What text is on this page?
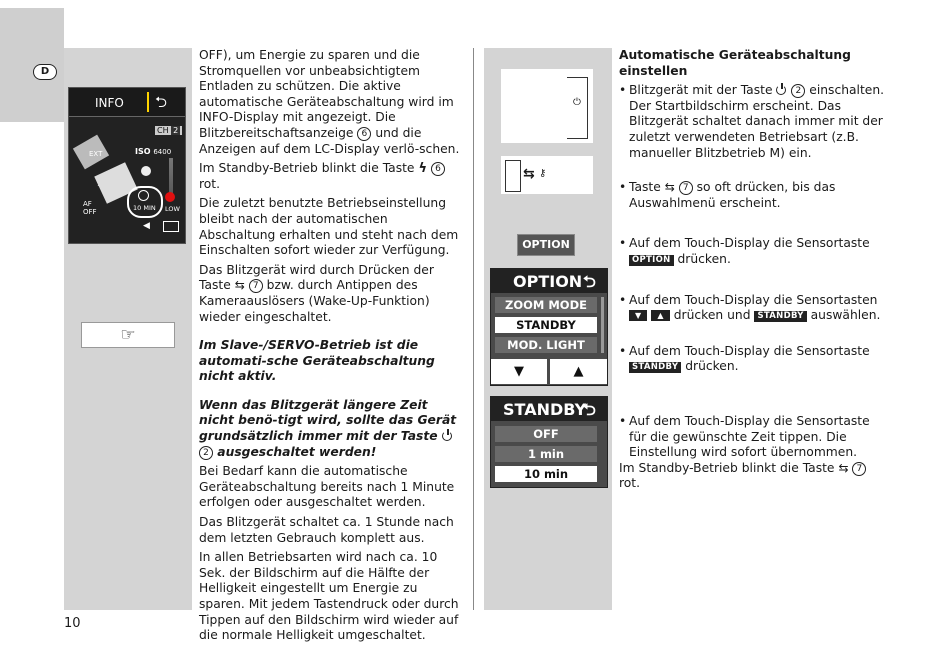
D
INFO ⮌
CH 2
ISO 6400
EXT
AF
OFF	10 MIN LOW
◀
☞

OFF), um Energie zu sparen und die Stromquellen vor unbeabsichtigtem Entladen zu schützen. Die aktive automatische Geräteabschaltung wird im INFO-Display mit angezeigt. Die Blitzbereitschaftsanzeige 6 und die Anzeigen auf dem LC-Display verlö-schen.

Im Standby-Betrieb blinkt die Taste ϟ 6 rot.

Die zuletzt benutzte Betriebseinstellung bleibt nach der automatischen Abschaltung erhalten und steht nach dem Einschalten sofort wieder zur Verfügung.

Das Blitzgerät wird durch Drücken der Taste ⇆ 7 bzw. durch Antippen des Kameraauslösers (Wake-Up-Funktion) wieder eingeschaltet.

Im Slave-/SERVO-Betrieb ist die automati-sche Geräteabschaltung nicht aktiv.

Wenn das Blitzgerät längere Zeit nicht benö-tigt wird, sollte das Gerät grundsätzlich immer mit der Taste  2 ausgeschaltet werden!

Bei Bedarf kann die automatische Geräteabschaltung bereits nach 1 Minute erfolgen oder ausgeschaltet werden.

Das Blitzgerät schaltet ca. 1 Stunde nach dem letzten Gebrauch komplett aus.

In allen Betriebsarten wird nach ca. 10 Sek. der Bildschirm auf die Hälfte der Helligkeit eingestellt um Energie zu sparen. Mit jedem Tastendruck oder durch Tippen auf den Bildschirm wird wieder auf die normale Helligkeit umgeschaltet.

⏻
⇆ ⚷
OPTION
OPTION ⮌
ZOOM MODE
STANDBY
MOD. LIGHT
▼	▲
STANDBY
⮌
OFF
1 min
10 min

Automatische Geräteabschaltung einstellen

• Blitzgerät mit der Taste	2 einschalten. Der Startbildschirm erscheint. Das Blitzgerät schaltet danach immer mit der zuletzt verwendeten Betriebsart (z.B. manueller Blitzbetrieb M) ein.
• Taste ⇆ 7 so oft drücken, bis das Auswahlmenü erscheint.
• Auf dem Touch-Display die Sensortaste OPTION drücken.
• Auf dem Touch-Display die Sensortasten ▼ ▲ drücken und STANDBY auswählen.
• Auf dem Touch-Display die Sensortaste STANDBY drücken.
• Auf dem Touch-Display die Sensortaste für die gewünschte Zeit tippen. Die Einstellung wird sofort übernommen.

Im Standby-Betrieb blinkt die Taste ⇆ 7 rot.

10
